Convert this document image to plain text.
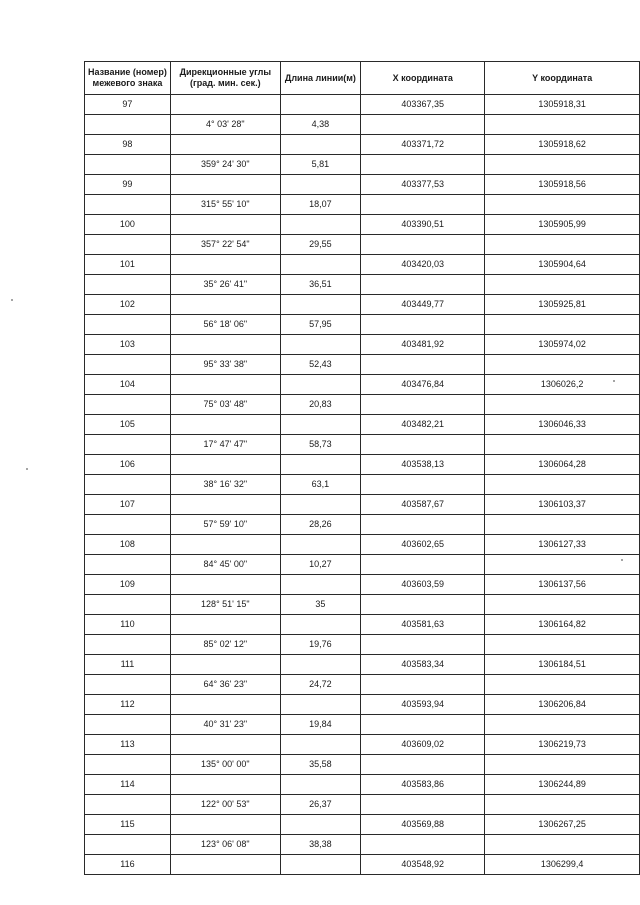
Название (номер) межевого знака	Дирекционные углы (град. мин. сек.)	Длина линии(м)	X координата	Y координата
97			403367,35	1305918,31
	4° 03' 28"	4,38		
98			403371,72	1305918,62
	359° 24' 30"	5,81		
99			403377,53	1305918,56
	315° 55' 10"	18,07		
100			403390,51	1305905,99
	357° 22' 54"	29,55		
101			403420,03	1305904,64
	35° 26' 41"	36,51		
102			403449,77	1305925,81
	56° 18' 06"	57,95		
103			403481,92	1305974,02
	95° 33' 38"	52,43		
104			403476,84	1306026,2
	75° 03' 48"	20,83		
105			403482,21	1306046,33
	17° 47' 47"	58,73		
106			403538,13	1306064,28
	38° 16' 32"	63,1		
107			403587,67	1306103,37
	57° 59' 10"	28,26		
108			403602,65	1306127,33
	84° 45' 00"	10,27		
109			403603,59	1306137,56
	128° 51' 15"	35		
110			403581,63	1306164,82
	85° 02' 12"	19,76		
111			403583,34	1306184,51
	64° 36' 23"	24,72		
112			403593,94	1306206,84
	40° 31' 23"	19,84		
113			403609,02	1306219,73
	135° 00' 00"	35,58		
114			403583,86	1306244,89
	122° 00' 53"	26,37		
115			403569,88	1306267,25
	123° 06' 08"	38,38		
116			403548,92	1306299,4
